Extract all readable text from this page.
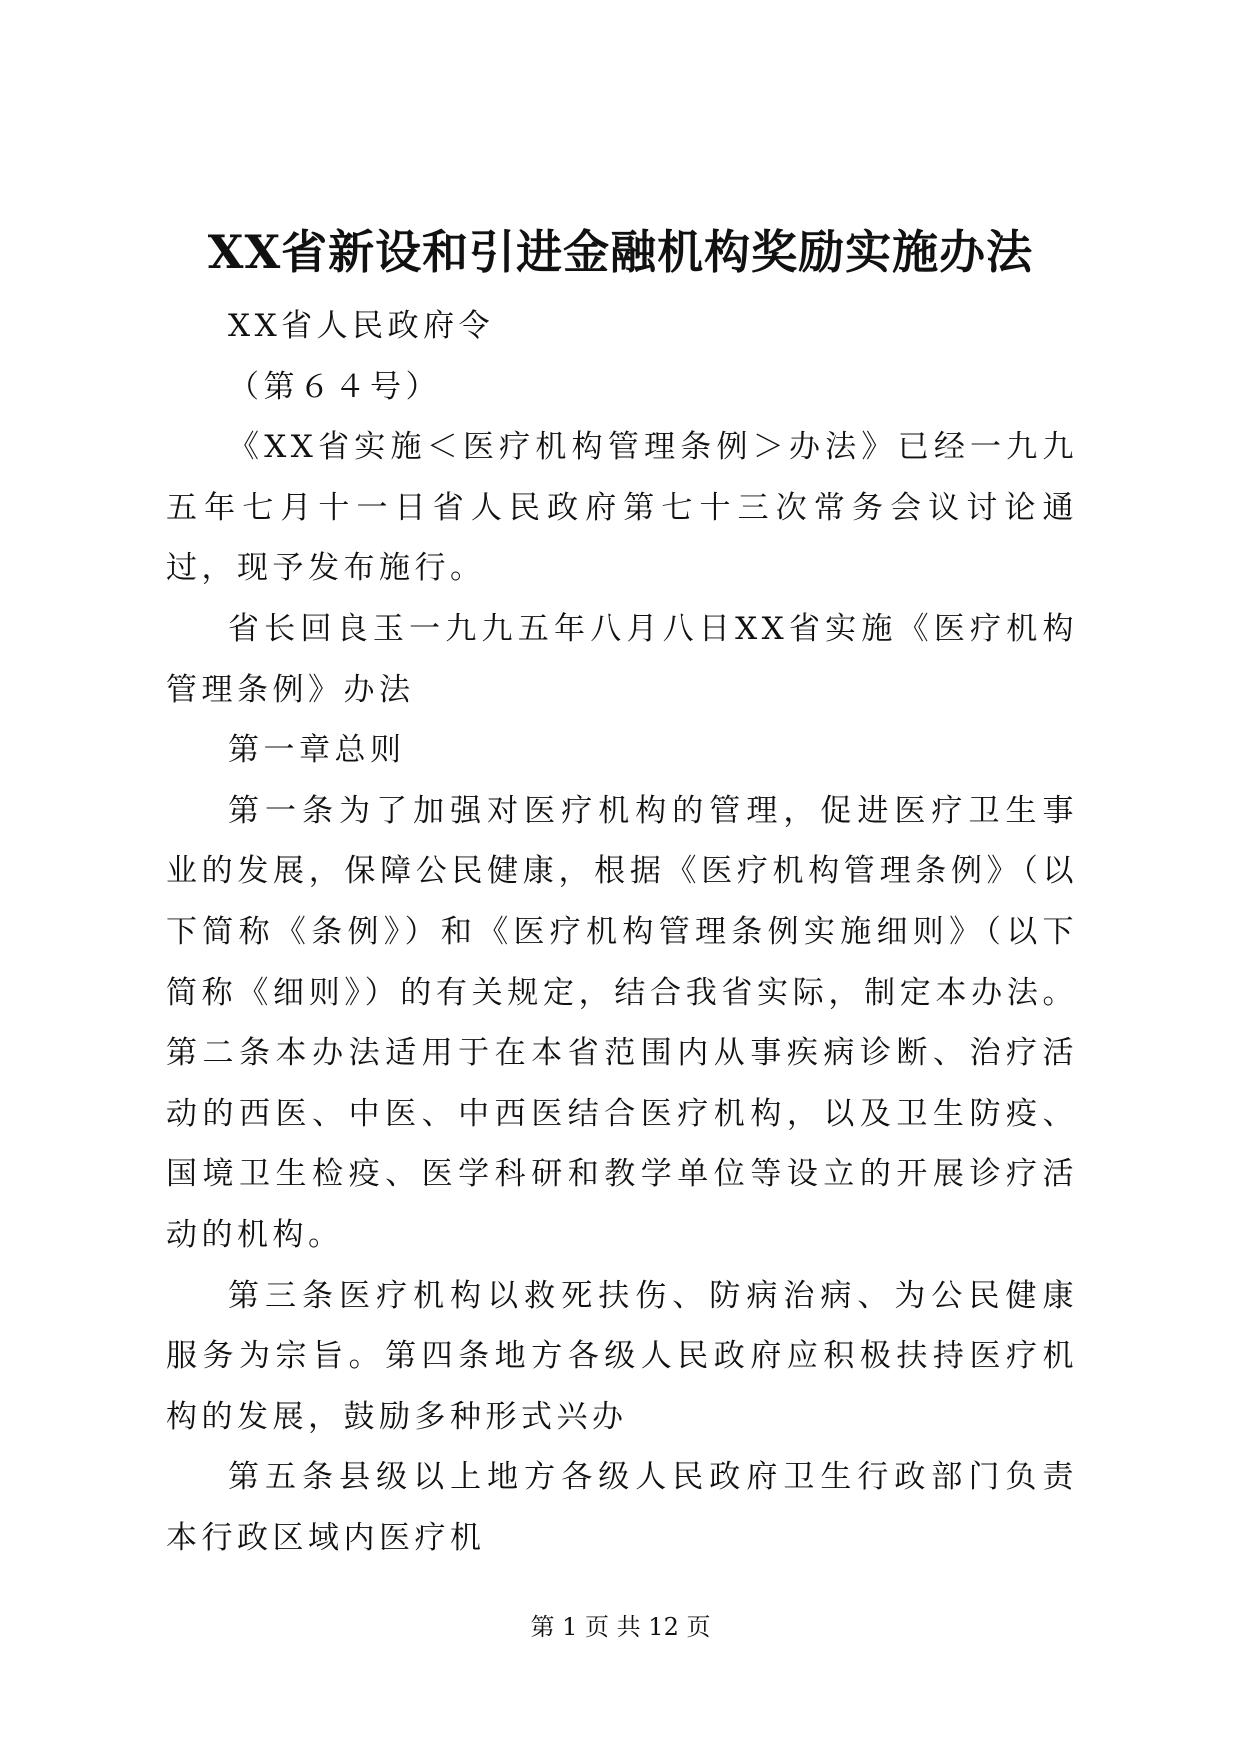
XX省新设和引进金融机构奖励实施办法

XX省人民政府令

（第６４号）

《XX省实施＜医疗机构管理条例＞办法》已经一九九五年七月十一日省人民政府第七十三次常务会议讨论通过，现予发布施行。

省长回良玉一九九五年八月八日XX省实施《医疗机构管理条例》办法

第一章总则

第一条为了加强对医疗机构的管理，促进医疗卫生事业的发展，保障公民健康，根据《医疗机构管理条例》（以下简称《条例》）和《医疗机构管理条例实施细则》（以下简称《细则》）的有关规定，结合我省实际，制定本办法。第二条本办法适用于在本省范围内从事疾病诊断、治疗活动的西医、中医、中西医结合医疗机构，以及卫生防疫、国境卫生检疫、医学科研和教学单位等设立的开展诊疗活动的机构。

第三条医疗机构以救死扶伤、防病治病、为公民健康服务为宗旨。第四条地方各级人民政府应积极扶持医疗机构的发展，鼓励多种形式兴办

第五条县级以上地方各级人民政府卫生行政部门负责本行政区域内医疗机

第 1 页 共 12 页
